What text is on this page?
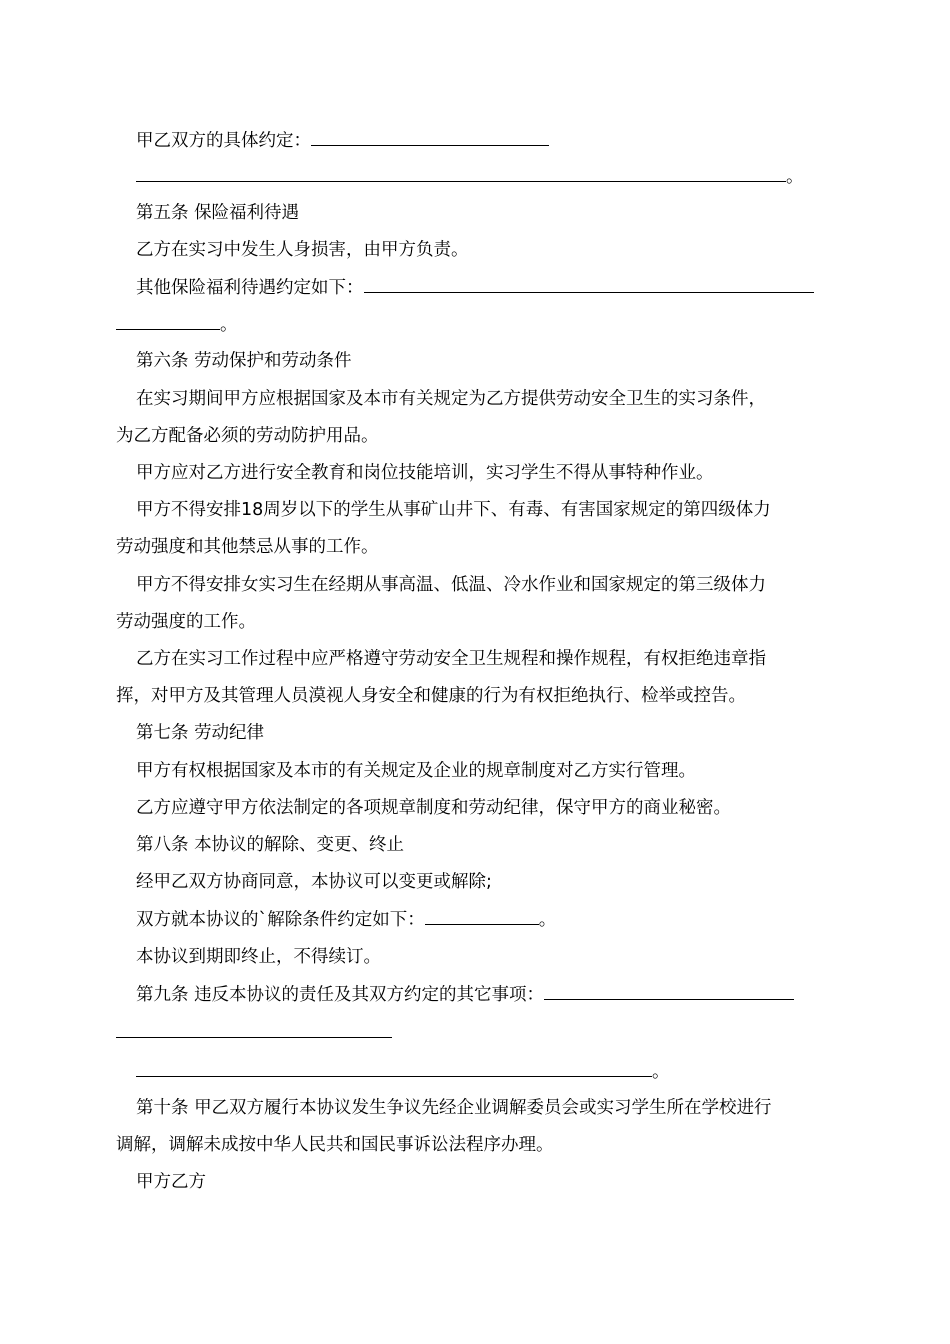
甲乙双方的具体约定：
。
第五条 保险福利待遇
乙方在实习中发生人身损害，由甲方负责。
其他保险福利待遇约定如下：
。
第六条 劳动保护和劳动条件
在实习期间甲方应根据国家及本市有关规定为乙方提供劳动安全卫生的实习条件，
为乙方配备必须的劳动防护用品。
甲方应对乙方进行安全教育和岗位技能培训，实习学生不得从事特种作业。
甲方不得安排18周岁以下的学生从事矿山井下、有毒、有害国家规定的第四级体力
劳动强度和其他禁忌从事的工作。
甲方不得安排女实习生在经期从事高温、低温、冷水作业和国家规定的第三级体力
劳动强度的工作。
乙方在实习工作过程中应严格遵守劳动安全卫生规程和操作规程，有权拒绝违章指
挥，对甲方及其管理人员漠视人身安全和健康的行为有权拒绝执行、检举或控告。
第七条 劳动纪律
甲方有权根据国家及本市的有关规定及企业的规章制度对乙方实行管理。
乙方应遵守甲方依法制定的各项规章制度和劳动纪律，保守甲方的商业秘密。
第八条 本协议的解除、变更、终止
经甲乙双方协商同意，本协议可以变更或解除;
双方就本协议的`解除条件约定如下：	。
本协议到期即终止，不得续订。
第九条 违反本协议的责任及其双方约定的其它事项：
。
第十条 甲乙双方履行本协议发生争议先经企业调解委员会或实习学生所在学校进行
调解，调解未成按中华人民共和国民事诉讼法程序办理。
甲方乙方
